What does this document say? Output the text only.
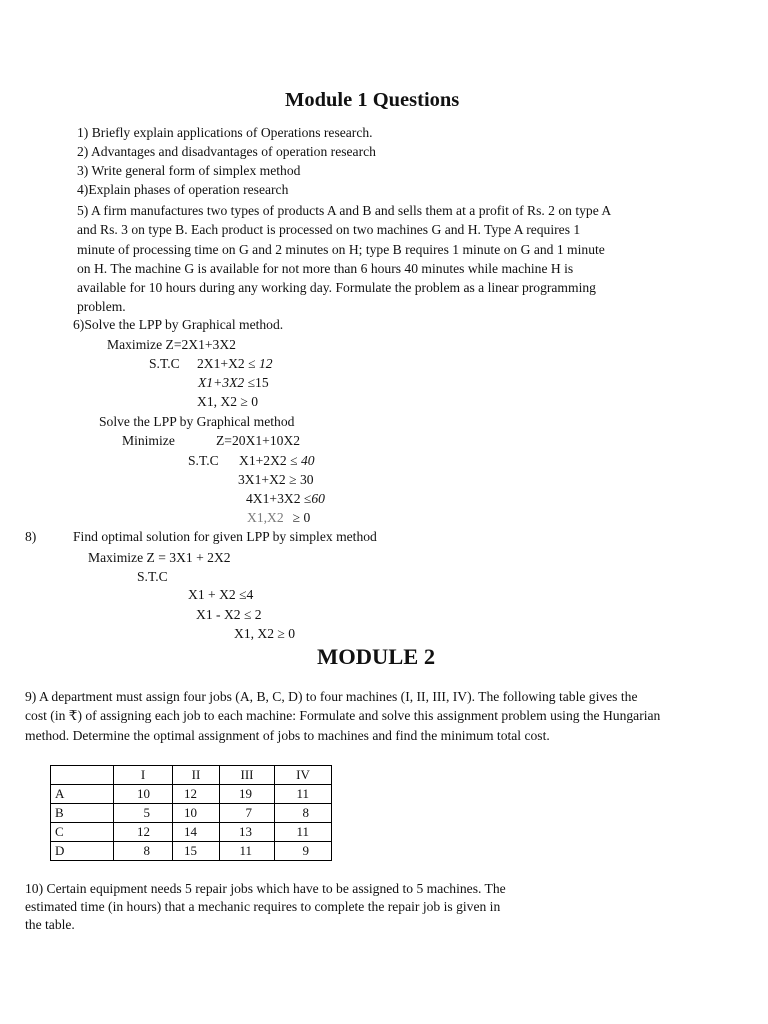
Module 1 Questions
1) Briefly explain applications of Operations research.
2) Advantages and disadvantages of operation research
3) Write general form of simplex method
4)Explain phases of operation research
5) A firm manufactures two types of products A and B and sells them at a profit of Rs. 2 on type A
and Rs. 3 on type B. Each product is processed on two machines G and H. Type A requires 1
minute of processing time on G and 2 minutes on H; type B requires 1 minute on G and 1 minute
on H. The machine G is available for not more than 6 hours 40 minutes while machine H is
available for 10 hours during any working day. Formulate the problem as a linear programming
problem.
6)Solve the LPP by Graphical method.
Maximize Z=2X1+3X2
S.T.C 2X1+X2 ≤ 12
X1+3X2 ≤15
X1, X2 ≥ 0
Solve the LPP by Graphical method
Minimize	Z=20X1+10X2
S.T.C X1+2X2 ≤ 40
3X1+X2 ≥ 30
4X1+3X2 ≤60
X1,X2 ≥ 0
8)	Find optimal solution for given LPP by simplex method
Maximize Z = 3X1 + 2X2
S.T.C
X1 + X2 ≤4
X1 - X2 ≤ 2
X1, X2 ≥ 0
MODULE 2
9) A department must assign four jobs (A, B, C, D) to four machines (I, II, III, IV). The following table gives the
cost (in ₹) of assigning each job to each machine: Formulate and solve this assignment problem using the Hungarian
method. Determine the optimal assignment of jobs to machines and find the minimum total cost.
	I	II	III	IV
A	10	12	19	11
B	5	10	7	8
C	12	14	13	11
D	8	15	11	9
10) Certain equipment needs 5 repair jobs which have to be assigned to 5 machines. The
estimated time (in hours) that a mechanic requires to complete the repair job is given in
the table.
